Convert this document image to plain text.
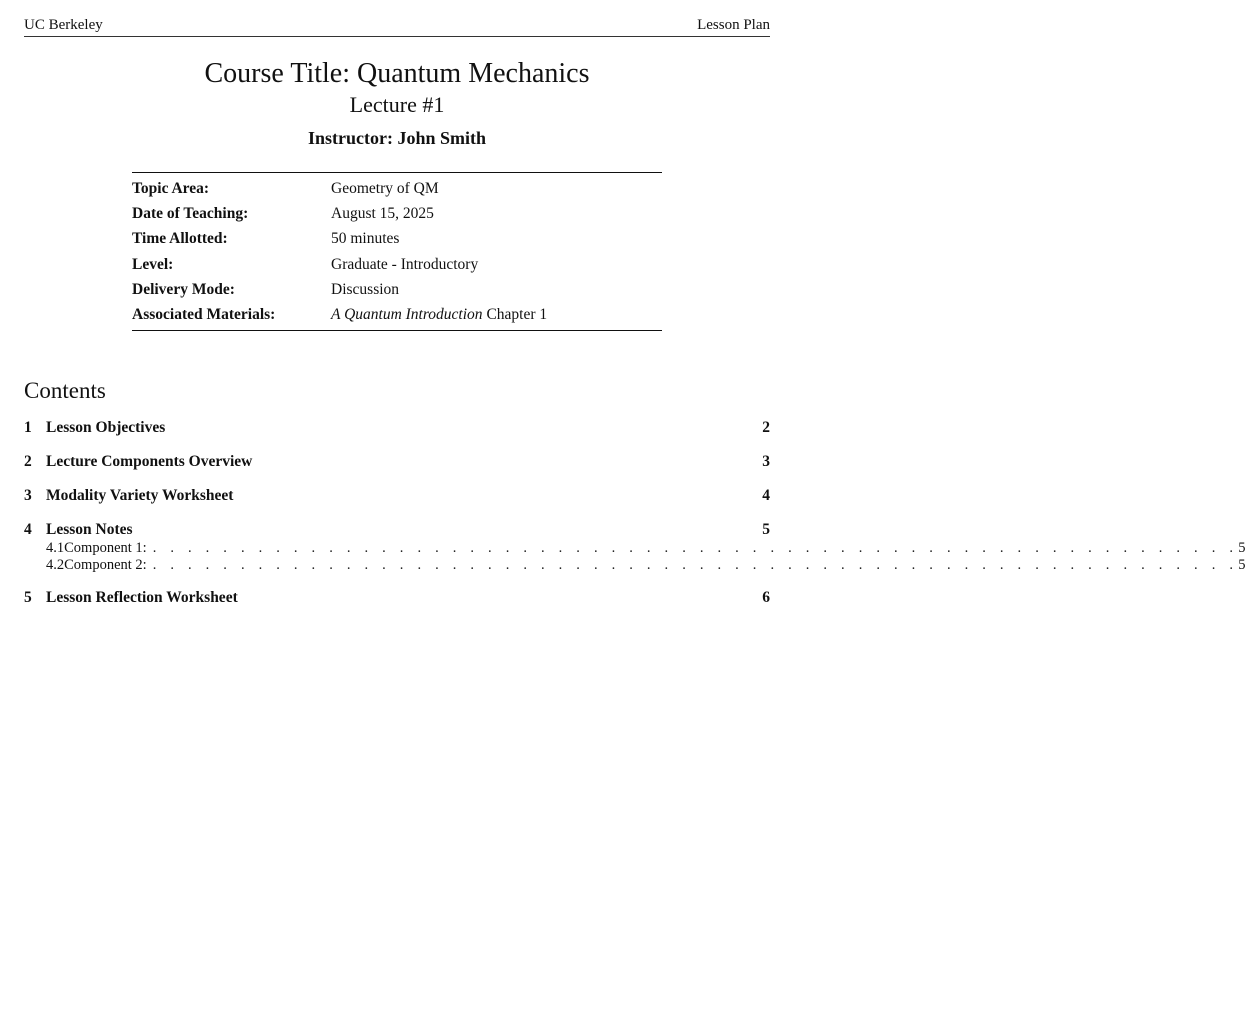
UC Berkeley	Lesson Plan
Course Title: Quantum Mechanics
Lecture #1
Instructor: John Smith
Topic Area:	Geometry of QM
Date of Teaching:	August 15, 2025
Time Allotted:	50 minutes
Level:	Graduate - Introductory
Delivery Mode:	Discussion
Associated Materials:	A Quantum Introduction Chapter 1
Contents
1 Lesson Objectives	2
2 Lecture Components Overview	3
3 Modality Variety Worksheet	4
4 Lesson Notes	5
4.1 Component 1: . . . . . . . . . . . . . . . . . . . . . . . . . . . . . . . . . . . . . . . . . . . . . . . . . . . . . . . . . . . . . . 5
4.2 Component 2: . . . . . . . . . . . . . . . . . . . . . . . . . . . . . . . . . . . . . . . . . . . . . . . . . . . . . . . . . . . . . . 5
5 Lesson Reflection Worksheet	6
